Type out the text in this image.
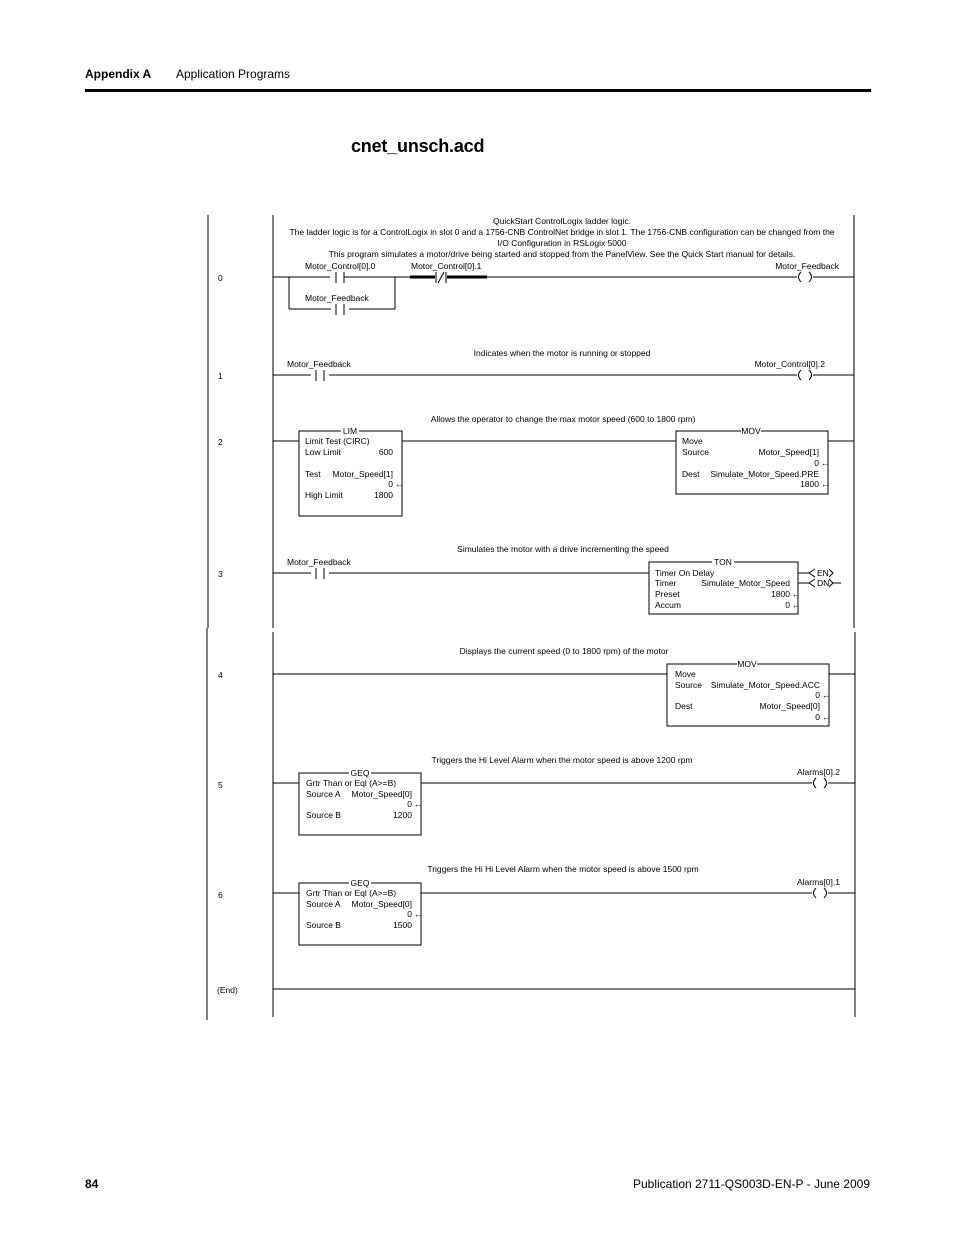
Appendix A Application Programs
cnet_unsch.acd
0
QuickStart ControlLogix ladder logic.
The ladder logic is for a ControlLogix in slot 0 and a 1756-CNB ControlNet bridge in slot 1. The 1756-CNB configuration can be changed from the
I/O Configuration in RSLogix 5000
This program simulates a motor/drive being started and stopped from the PanelView. See the Quick Start manual for details.
Motor_Control[0].0	Motor_Control[0].1	Motor_Feedback
Motor_Feedback
1
Indicates when the motor is running or stopped
Motor_Feedback	Motor_Control[0].2
2
Allows the operator to change the max motor speed (600 to 1800 rpm)
LIM
Limit Test (CIRC)
Low Limit	600
Test Motor_Speed[1]
0 ←
High Limit	1800
MOV
Move
Source	Motor_Speed[1]
0 ←
Dest Simulate_Motor_Speed.PRE
1800 ←
3
Simulates the motor with a drive incrementing the speed
Motor_Feedback	TON
Timer On Delay
Timer	Simulate_Motor_Speed
Preset	1800 ←
Accum	0 ←
EN
DN
4
Displays the current speed (0 to 1800 rpm) of the motor
MOV
Move
Source Simulate_Motor_Speed.ACC
0 ←
Dest	Motor_Speed[0]
0 ←
5
Triggers the Hi Level Alarm when the motor speed is above 1200 rpm
GEQ
Grtr Than or Eql (A>=B)
Source A Motor_Speed[0]
0 ←
Source B	1200
Alarms[0].2
6
Triggers the Hi Hi Level Alarm when the motor speed is above 1500 rpm
GEQ
Grtr Than or Eql (A>=B)
Source A Motor_Speed[0]
0 ←
Source B	1500
Alarms[0].1
(End)
84	Publication 2711-QS003D-EN-P - June 2009
